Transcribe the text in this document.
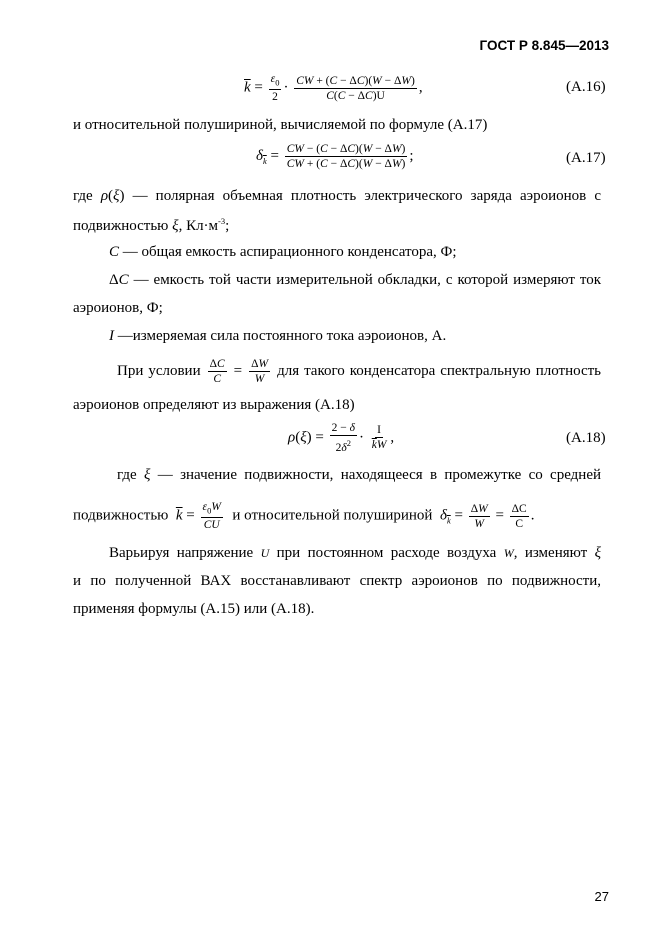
ГОСТ Р 8.845—2013
$\overline{k} = \frac{\varepsilon_0}{2} \cdot \frac{CW + (C - \Delta C)(W - \Delta W)}{C(C - \Delta C)U}$ ,	(А.16)
и относительной полушириной, вычисляемой по формуле (А.17)
$\delta_{\overline{k}} = \frac{CW - (C - \Delta C)(W - \Delta W)}{CW + (C - \Delta C)(W - \Delta W)}$ ;	(А.17)
где ρ(ξ) — полярная объемная плотность электрического заряда аэроионов с
подвижностью ξ, $Кл\cdot м^{-3}$;
C — общая емкость аспирационного конденсатора, Ф;
ΔC — емкость той части измерительной обкладки, с которой измеряют ток
аэроионов, Ф;
I —измеряемая сила постоянного тока аэроионов, А.
При условии $\frac{\Delta C}{C} = \frac{\Delta W}{W}$ для такого конденсатора спектральную плотность
аэроионов определяют из выражения (А.18)
$\rho(\xi) = \frac{2 - \delta}{2\delta^2} \cdot \frac{I}{\overline{k}W}$ ,	(А.18)
где ξ — значение подвижности, находящееся в промежутке со средней
подвижностью $\overline{k} = \frac{\varepsilon_0W}{CU}$ и относительной полушириной $\delta_{\overline{k}} = \frac{\Delta W}{W} = \frac{\Delta C}{C}$ .
Варьируя напряжение U при постоянном расходе воздуха W, изменяют ξ
и по полученной ВАХ восстанавливают спектр аэроионов по подвижности,
применяя формулы (А.15) или (А.18).
27
